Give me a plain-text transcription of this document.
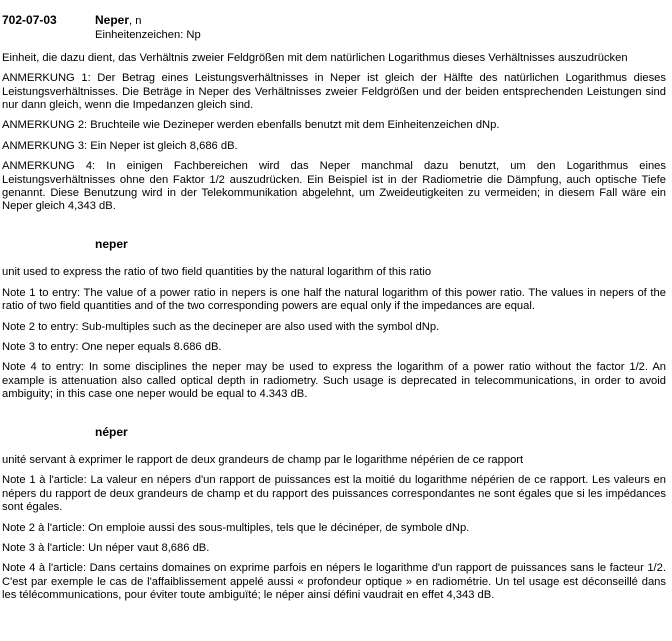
702-07-03	Neper, n
Einheitenzeichen: Np

Einheit, die dazu dient, das Verhältnis zweier Feldgrößen mit dem natürlichen Logarithmus dieses Verhältnisses auszudrücken

ANMERKUNG 1: Der Betrag eines Leistungsverhältnisses in Neper ist gleich der Hälfte des natürlichen Logarithmus dieses Leistungsverhältnisses. Die Beträge in Neper des Verhältnisses zweier Feldgrößen und der beiden entsprechenden Leistungen sind nur dann gleich, wenn die Impedanzen gleich sind.

ANMERKUNG 2: Bruchteile wie Dezineper werden ebenfalls benutzt mit dem Einheitenzeichen dNp.

ANMERKUNG 3: Ein Neper ist gleich 8,686 dB.

ANMERKUNG 4: In einigen Fachbereichen wird das Neper manchmal dazu benutzt, um den Logarithmus eines Leistungsverhältnisses ohne den Faktor 1/2 auszudrücken. Ein Beispiel ist in der Radiometrie die Dämpfung, auch optische Tiefe genannt. Diese Benutzung wird in der Telekommunikation abgelehnt, um Zweideutigkeiten zu vermeiden; in diesem Fall wäre ein Neper gleich 4,343 dB.

neper

unit used to express the ratio of two field quantities by the natural logarithm of this ratio

Note 1 to entry: The value of a power ratio in nepers is one half the natural logarithm of this power ratio. The values in nepers of the ratio of two field quantities and of the two corresponding powers are equal only if the impedances are equal.

Note 2 to entry: Sub-multiples such as the decineper are also used with the symbol dNp.

Note 3 to entry: One neper equals 8.686 dB.

Note 4 to entry: In some disciplines the neper may be used to express the logarithm of a power ratio without the factor 1/2. An example is attenuation also called optical depth in radiometry. Such usage is deprecated in telecommunications, in order to avoid ambiguity; in this case one neper would be equal to 4.343 dB.

néper

unité servant à exprimer le rapport de deux grandeurs de champ par le logarithme népérien de ce rapport

Note 1 à l'article: La valeur en népers d'un rapport de puissances est la moitié du logarithme népérien de ce rapport. Les valeurs en népers du rapport de deux grandeurs de champ et du rapport des puissances correspondantes ne sont égales que si les impédances sont égales.

Note 2 à l'article: On emploie aussi des sous-multiples, tels que le décinéper, de symbole dNp.

Note 3 à l'article: Un néper vaut 8,686 dB.

Note 4 à l'article: Dans certains domaines on exprime parfois en népers le logarithme d'un rapport de puissances sans le facteur 1/2. C'est par exemple le cas de l'affaiblissement appelé aussi « profondeur optique » en radiométrie. Un tel usage est déconseillé dans les télécommunications, pour éviter toute ambiguïté; le néper ainsi défini vaudrait en effet 4,343 dB.
